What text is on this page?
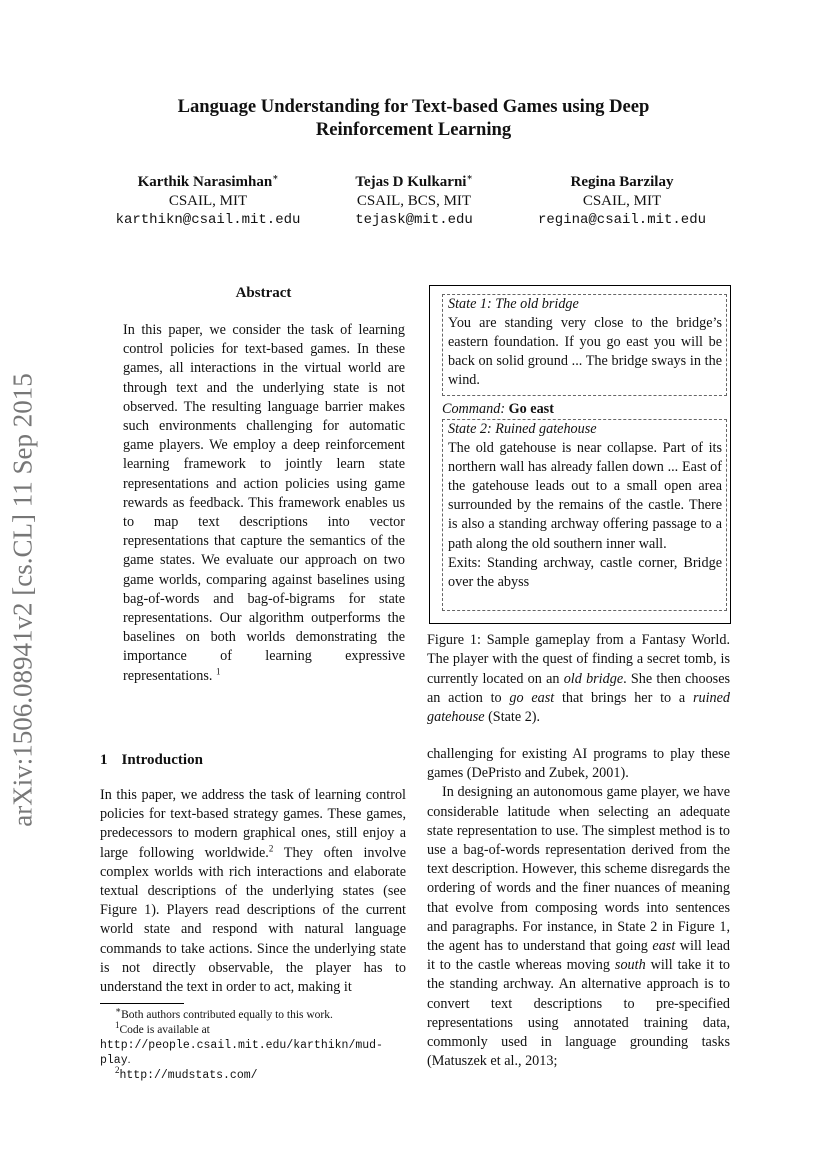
Language Understanding for Text-based Games using Deep
Reinforcement Learning
Karthik Narasimhan∗
CSAIL, MIT
karthikn@csail.mit.edu
Tejas D Kulkarni∗
CSAIL, BCS, MIT
tejask@mit.edu
Regina Barzilay
CSAIL, MIT
regina@csail.mit.edu
arXiv:1506.08941v2 [cs.CL] 11 Sep 2015
Abstract
In this paper, we consider the task of learning control policies for text-based games. In these games, all interactions in the virtual world are through text and the underlying state is not observed. The resulting language barrier makes such environments challenging for automatic game players. We employ a deep reinforcement learning framework to jointly learn state representations and action policies using game rewards as feedback. This framework enables us to map text descriptions into vector representations that capture the semantics of the game states. We evaluate our approach on two game worlds, comparing against baselines using bag-of-words and bag-of-bigrams for state representations. Our algorithm outperforms the baselines on both worlds demonstrating the importance of learning expressive representations. $^1$
1 Introduction

In this paper, we address the task of learning control policies for text-based strategy games. These games, predecessors to modern graphical ones, still enjoy a large following worldwide.$^2$ They often involve complex worlds with rich interactions and elaborate textual descriptions of the underlying states (see Figure 1). Players read descriptions of the current world state and respond with natural language commands to take actions. Since the underlying state is not directly observable, the player has to understand the text in order to act, making it

State 1: The old bridge
You are standing very close to the bridge’s eastern foundation. If you go east you will be back on solid ground ... The bridge sways in the wind.
Command: Go east
State 2: Ruined gatehouse
The old gatehouse is near collapse. Part of its northern wall has already fallen down ... East of the gatehouse leads out to a small open area surrounded by the remains of the castle. There is also a standing archway offering passage to a path along the old southern inner wall.
Exits: Standing archway, castle corner, Bridge over the abyss
Figure 1: Sample gameplay from a Fantasy World. The player with the quest of finding a secret tomb, is currently located on an old bridge. She then chooses an action to go east that brings her to a ruined gatehouse (State 2).

challenging for existing AI programs to play these games (DePristo and Zubek, 2001).

In designing an autonomous game player, we have considerable latitude when selecting an adequate state representation to use. The simplest method is to use a bag-of-words representation derived from the text description. However, this scheme disregards the ordering of words and the finer nuances of meaning that evolve from composing words into sentences and paragraphs. For instance, in State 2 in Figure 1, the agent has to understand that going east will lead it to the castle whereas moving south will take it to the standing archway. An alternative approach is to convert text descriptions to pre-specified representations using annotated training data, commonly used in language grounding tasks (Matuszek et al., 2013;

∗Both authors contributed equally to this work.
$^1$Code is available at http://people.csail.mit.edu/karthikn/mud-play.
$^2$http://mudstats.com/
